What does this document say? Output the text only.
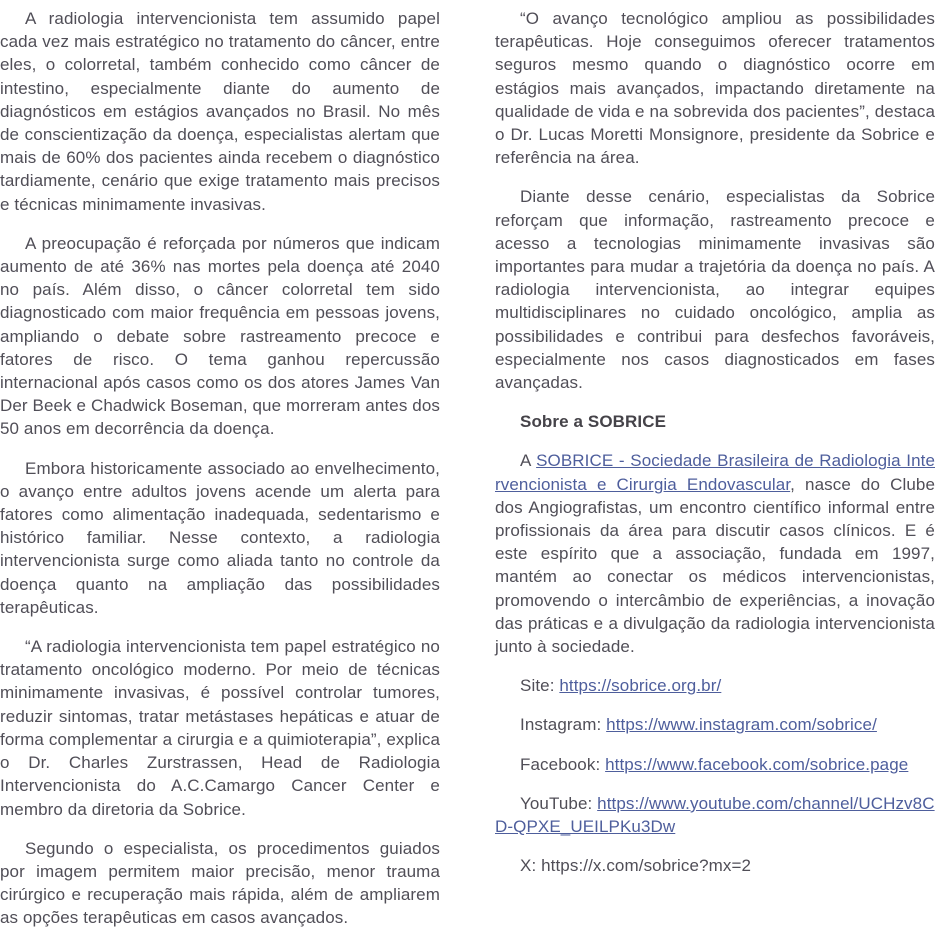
A radiologia intervencionista tem assumido papel cada vez mais estratégico no tratamento do câncer, entre eles, o colorretal, também conhecido como câncer de intestino, especialmente diante do aumento de diagnósticos em estágios avançados no Brasil. No mês de conscientização da doença, especialistas alertam que mais de 60% dos pacientes ainda recebem o diagnóstico tardiamente, cenário que exige tratamento mais precisos e técnicas minimamente invasivas.

A preocupação é reforçada por números que indicam aumento de até 36% nas mortes pela doença até 2040 no país. Além disso, o câncer colorretal tem sido diagnosticado com maior frequência em pessoas jovens, ampliando o debate sobre rastreamento precoce e fatores de risco. O tema ganhou repercussão internacional após casos como os dos atores James Van Der Beek e Chadwick Boseman, que morreram antes dos 50 anos em decorrência da doença.

Embora historicamente associado ao envelhecimento, o avanço entre adultos jovens acende um alerta para fatores como alimentação inadequada, sedentarismo e histórico familiar. Nesse contexto, a radiologia intervencionista surge como aliada tanto no controle da doença quanto na ampliação das possibilidades terapêuticas.

“A radiologia intervencionista tem papel estratégico no tratamento oncológico moderno. Por meio de técnicas minimamente invasivas, é possível controlar tumores, reduzir sintomas, tratar metástases hepáticas e atuar de forma complementar a cirurgia e a quimioterapia”, explica o Dr. Charles Zurstrassen, Head de Radiologia Intervencionista do A.C.Camargo Cancer Center e membro da diretoria da Sobrice.

Segundo o especialista, os procedimentos guiados por imagem permitem maior precisão, menor trauma cirúrgico e recuperação mais rápida, além de ampliarem as opções terapêuticas em casos avançados.

“O avanço tecnológico ampliou as possibilidades terapêuticas. Hoje conseguimos oferecer tratamentos seguros mesmo quando o diagnóstico ocorre em estágios mais avançados, impactando diretamente na qualidade de vida e na sobrevida dos pacientes”, destaca o Dr. Lucas Moretti Monsignore, presidente da Sobrice e referência na área.

Diante desse cenário, especialistas da Sobrice reforçam que informação, rastreamento precoce e acesso a tecnologias minimamente invasivas são importantes para mudar a trajetória da doença no país. A radiologia intervencionista, ao integrar equipes multidisciplinares no cuidado oncológico, amplia as possibilidades e contribui para desfechos favoráveis, especialmente nos casos diagnosticados em fases avançadas.

Sobre a SOBRICE

A SOBRICE - Sociedade Brasileira de Radiologia Intervencionista e Cirurgia Endovascular, nasce do Clube dos Angiografistas, um encontro científico informal entre profissionais da área para discutir casos clínicos. E é este espírito que a associação, fundada em 1997, mantém ao conectar os médicos intervencionistas, promovendo o intercâmbio de experiências, a inovação das práticas e a divulgação da radiologia intervencionista junto à sociedade.

Site: https://sobrice.org.br/

Instagram: https://www.instagram.com/sobrice/

Facebook: https://www.facebook.com/sobrice.page

YouTube: https://www.youtube.com/channel/UCHzv8CD-QPXE_UEILPKu3Dw

X: https://x.com/sobrice?mx=2
